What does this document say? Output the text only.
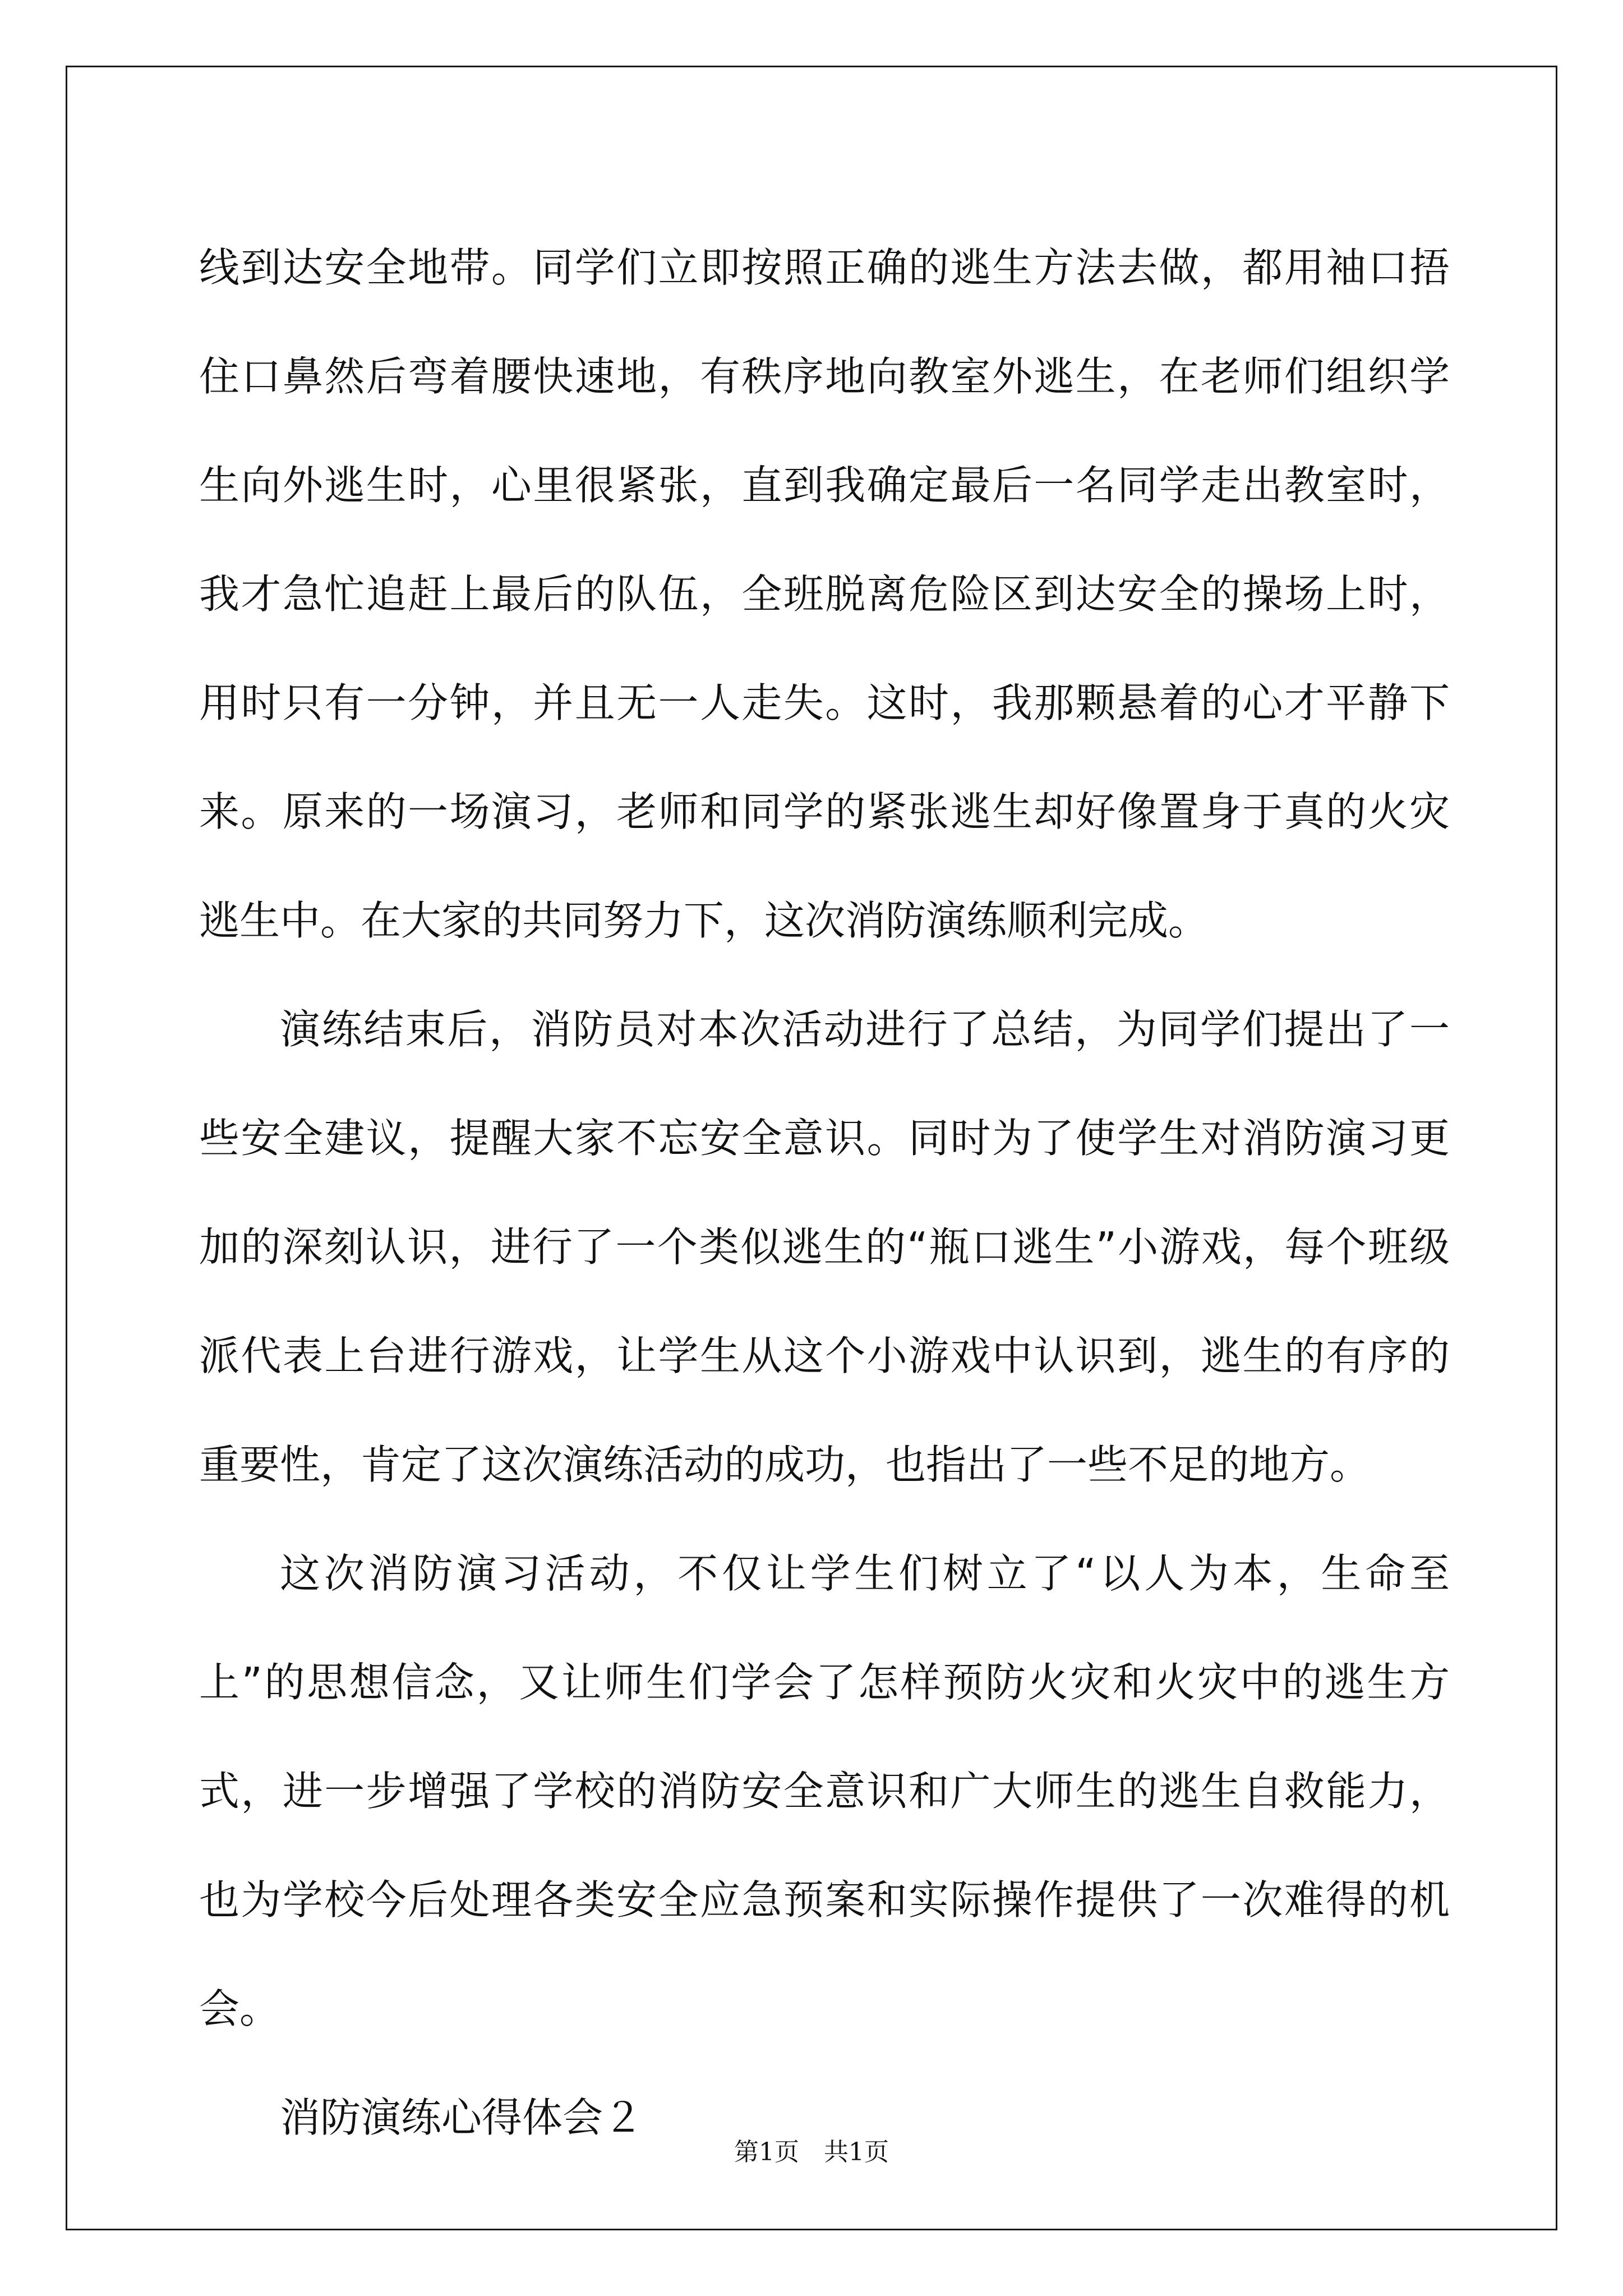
线到达安全地带。同学们立即按照正确的逃生方法去做，都用袖口捂住口鼻然后弯着腰快速地，有秩序地向教室外逃生，在老师们组织学生向外逃生时，心里很紧张，直到我确定最后一名同学走出教室时，我才急忙追赶上最后的队伍，全班脱离危险区到达安全的操场上时，用时只有一分钟，并且无一人走失。这时，我那颗悬着的心才平静下来。原来的一场演习，老师和同学的紧张逃生却好像置身于真的火灾逃生中。在大家的共同努力下，这次消防演练顺利完成。

演练结束后，消防员对本次活动进行了总结，为同学们提出了一些安全建议，提醒大家不忘安全意识。同时为了使学生对消防演习更加的深刻认识，进行了一个类似逃生的“瓶口逃生”小游戏，每个班级派代表上台进行游戏，让学生从这个小游戏中认识到，逃生的有序的重要性，肯定了这次演练活动的成功，也指出了一些不足的地方。

这次消防演习活动，不仅让学生们树立了“以人为本，生命至上”的思想信念，又让师生们学会了怎样预防火灾和火灾中的逃生方式，进一步增强了学校的消防安全意识和广大师生的逃生自救能力，也为学校今后处理各类安全应急预案和实际操作提供了一次难得的机会。

消防演练心得体会２

第1页　共1页
